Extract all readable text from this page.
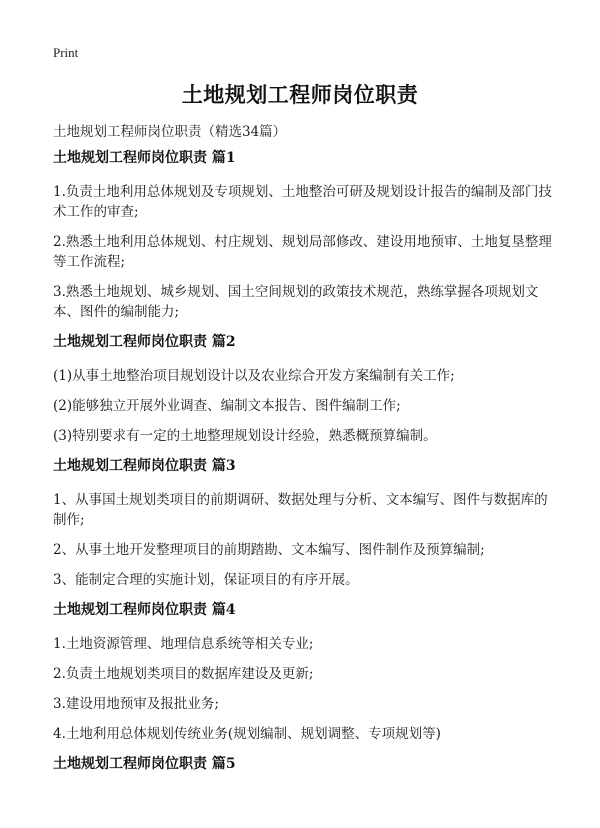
Print
土地规划工程师岗位职责
土地规划工程师岗位职责（精选34篇）
土地规划工程师岗位职责 篇1
1.负责土地利用总体规划及专项规划、土地整治可研及规划设计报告的编制及部门技术工作的审查;
2.熟悉土地利用总体规划、村庄规划、规划局部修改、建设用地预审、土地复垦整理等工作流程;
3.熟悉土地规划、城乡规划、国土空间规划的政策技术规范，熟练掌握各项规划文本、图件的编制能力;
土地规划工程师岗位职责 篇2
(1)从事土地整治项目规划设计以及农业综合开发方案编制有关工作;
(2)能够独立开展外业调查、编制文本报告、图件编制工作;
(3)特别要求有一定的土地整理规划设计经验，熟悉概预算编制。
土地规划工程师岗位职责 篇3
1、从事国土规划类项目的前期调研、数据处理与分析、文本编写、图件与数据库的制作;
2、从事土地开发整理项目的前期踏勘、文本编写、图件制作及预算编制;
3、能制定合理的实施计划，保证项目的有序开展。
土地规划工程师岗位职责 篇4
1.土地资源管理、地理信息系统等相关专业;
2.负责土地规划类项目的数据库建设及更新;
3.建设用地预审及报批业务;
4.土地利用总体规划传统业务(规划编制、规划调整、专项规划等)
土地规划工程师岗位职责 篇5
